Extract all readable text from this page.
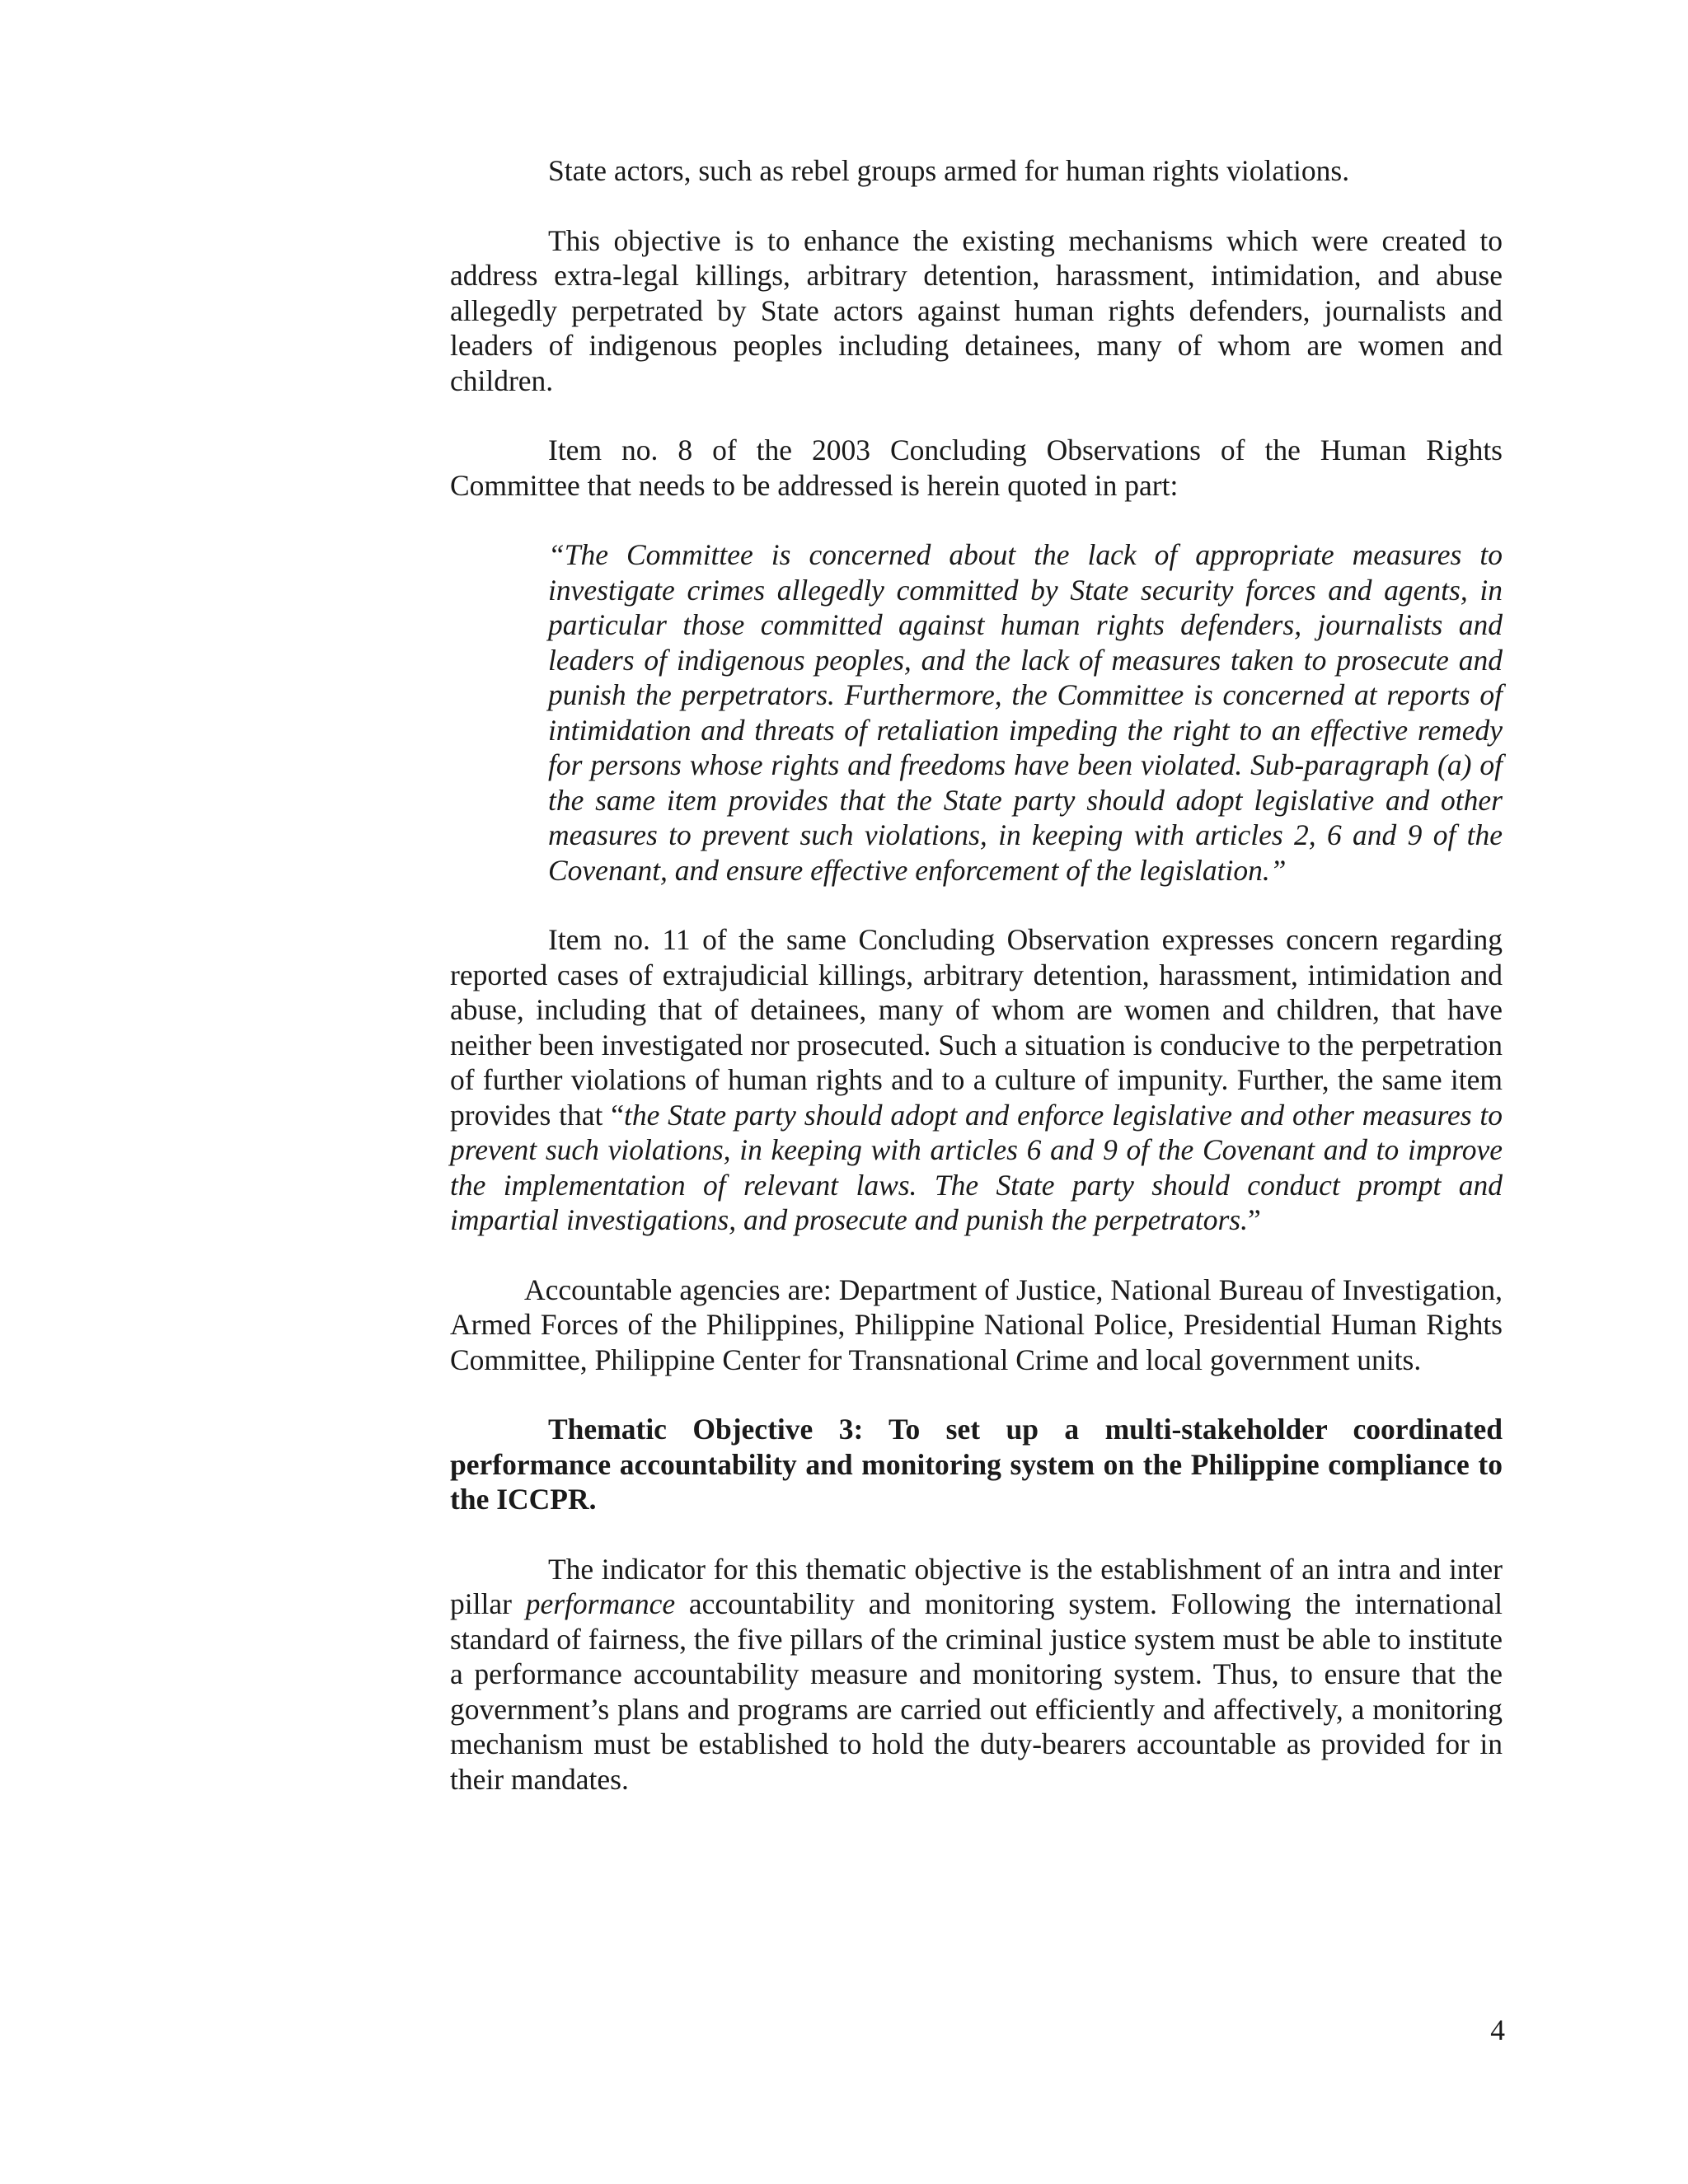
State actors, such as rebel groups armed for human rights violations.

This objective is to enhance the existing mechanisms which were created to address extra-legal killings, arbitrary detention, harassment, intimidation, and abuse allegedly perpetrated by State actors against human rights defenders, journalists and leaders of indigenous peoples including detainees, many of whom are women and children.

Item no. 8 of the 2003 Concluding Observations of the Human Rights Committee that needs to be addressed is herein quoted in part:

“The Committee is concerned about the lack of appropriate measures to investigate crimes allegedly committed by State security forces and agents, in particular those committed against human rights defenders, journalists and leaders of indigenous peoples, and the lack of measures taken to prosecute and punish the perpetrators. Furthermore, the Committee is concerned at reports of intimidation and threats of retaliation impeding the right to an effective remedy for persons whose rights and freedoms have been violated. Sub-paragraph (a) of the same item provides that the State party should adopt legislative and other measures to prevent such violations, in keeping with articles 2, 6 and 9 of the Covenant, and ensure effective enforcement of the legislation.”

Item no. 11 of the same Concluding Observation expresses concern regarding reported cases of extrajudicial killings, arbitrary detention, harassment, intimidation and abuse, including that of detainees, many of whom are women and children, that have neither been investigated nor prosecuted. Such a situation is conducive to the perpetration of further violations of human rights and to a culture of impunity. Further, the same item provides that “the State party should adopt and enforce legislative and other measures to prevent such violations, in keeping with articles 6 and 9 of the Covenant and to improve the implementation of relevant laws. The State party should conduct prompt and impartial investigations, and prosecute and punish the perpetrators.”

Accountable agencies are: Department of Justice, National Bureau of Investigation, Armed Forces of the Philippines, Philippine National Police, Presidential Human Rights Committee, Philippine Center for Transnational Crime and local government units.

Thematic Objective 3: To set up a multi-stakeholder coordinated performance accountability and monitoring system on the Philippine compliance to the ICCPR.

The indicator for this thematic objective is the establishment of an intra and inter pillar performance accountability and monitoring system. Following the international standard of fairness, the five pillars of the criminal justice system must be able to institute a performance accountability measure and monitoring system. Thus, to ensure that the government’s plans and programs are carried out efficiently and affectively, a monitoring mechanism must be established to hold the duty-bearers accountable as provided for in their mandates.

4
